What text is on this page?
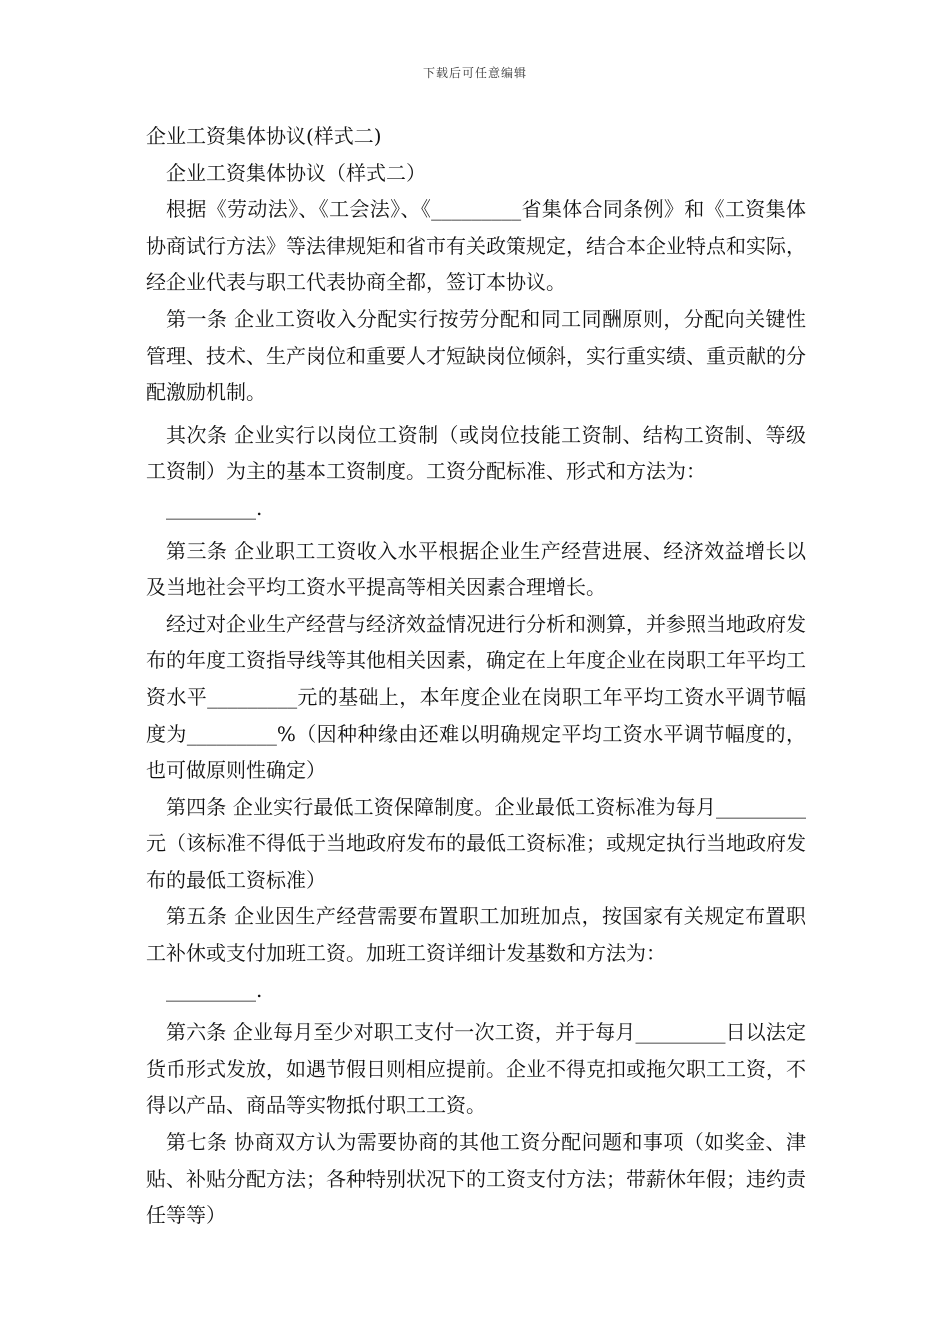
下载后可任意编辑

企业工资集体协议(样式二)

企业工资集体协议（样式二）

根据《劳动法》、《工会法》、《_________省集体合同条例》和《工资集体协商试行方法》等法律规矩和省市有关政策规定，结合本企业特点和实际，经企业代表与职工代表协商全都，签订本协议。

第一条 企业工资收入分配实行按劳分配和同工同酬原则，分配向关键性管理、技术、生产岗位和重要人才短缺岗位倾斜，实行重实绩、重贡献的分配激励机制。

其次条 企业实行以岗位工资制（或岗位技能工资制、结构工资制、等级工资制）为主的基本工资制度。工资分配标准、形式和方法为：

_________.

第三条 企业职工工资收入水平根据企业生产经营进展、经济效益增长以及当地社会平均工资水平提高等相关因素合理增长。

经过对企业生产经营与经济效益情况进行分析和测算，并参照当地政府发布的年度工资指导线等其他相关因素，确定在上年度企业在岗职工年平均工资水平_________元的基础上，本年度企业在岗职工年平均工资水平调节幅度为_________%（因种种缘由还难以明确规定平均工资水平调节幅度的，也可做原则性确定）

第四条 企业实行最低工资保障制度。企业最低工资标准为每月_________元（该标准不得低于当地政府发布的最低工资标准；或规定执行当地政府发布的最低工资标准）

第五条 企业因生产经营需要布置职工加班加点，按国家有关规定布置职工补休或支付加班工资。加班工资详细计发基数和方法为：

_________.

第六条 企业每月至少对职工支付一次工资，并于每月_________日以法定货币形式发放，如遇节假日则相应提前。企业不得克扣或拖欠职工工资，不得以产品、商品等实物抵付职工工资。

第七条 协商双方认为需要协商的其他工资分配问题和事项（如奖金、津贴、补贴分配方法；各种特别状况下的工资支付方法；带薪休年假；违约责任等等）
